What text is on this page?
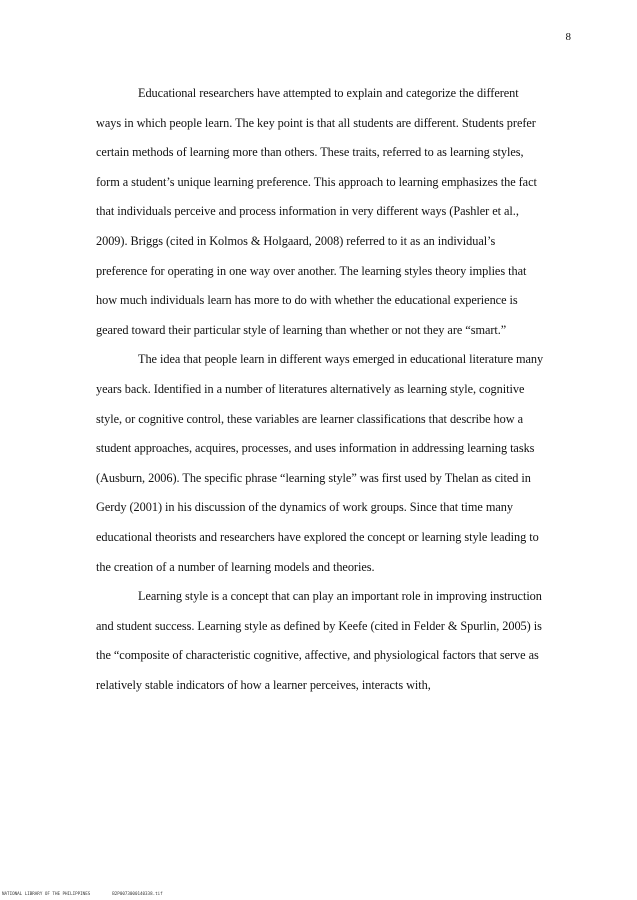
8

Educational researchers have attempted to explain and categorize the different ways in which people learn. The key point is that all students are different. Students prefer certain methods of learning more than others. These traits, referred to as learning styles, form a student’s unique learning preference. This approach to learning emphasizes the fact that individuals perceive and process information in very different ways (Pashler et al., 2009). Briggs (cited in Kolmos & Holgaard, 2008) referred to it as an individual’s preference for operating in one way over another. The learning styles theory implies that how much individuals learn has more to do with whether the educational experience is geared toward their particular style of learning than whether or not they are “smart.”

The idea that people learn in different ways emerged in educational literature many years back. Identified in a number of literatures alternatively as learning style, cognitive style, or cognitive control, these variables are learner classifications that describe how a student approaches, acquires, processes, and uses information in addressing learning tasks (Ausburn, 2006). The specific phrase “learning style” was first used by Thelan as cited in Gerdy (2001) in his discussion of the dynamics of work groups. Since that time many educational theorists and researchers have explored the concept or learning style leading to the creation of a number of learning models and theories.

Learning style is a concept that can play an important role in improving instruction and student success. Learning style as defined by Keefe (cited in Felder & Spurlin, 2005) is the “composite of characteristic cognitive, affective, and physiological factors that serve as relatively stable indicators of how a learner perceives, interacts with,

NATIONAL LIBRARY OF THE PHILIPPINES	B2P0073000140338.tif
